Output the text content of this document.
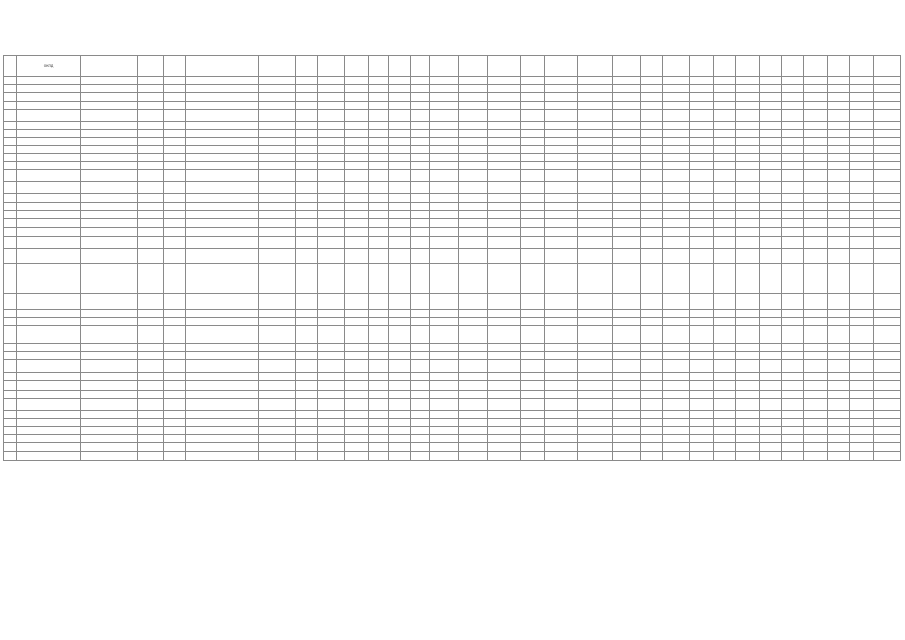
	ОКПД																													
